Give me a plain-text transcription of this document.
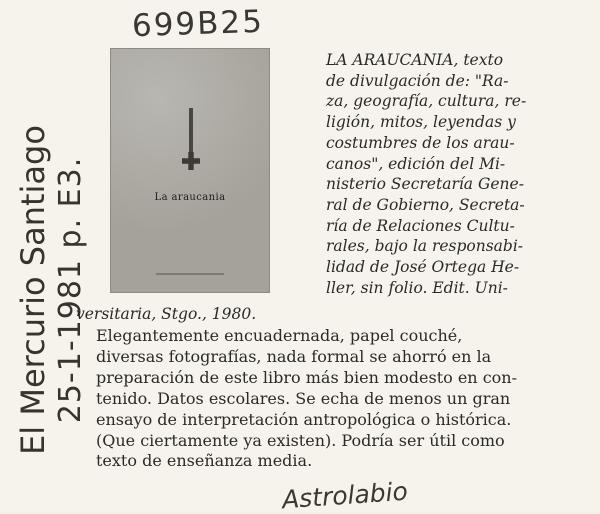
699B25
El Mercurio Santiago 25-1-1981 p. E3.	La araucania
LA ARAUCANIA, texto
de divulgación de: "Ra-
za, geografía, cultura, re-
ligión, mitos, leyendas y
costumbres de los arau-
canos", edición del Mi-
nisterio Secretaría Gene-
ral de Gobierno, Secreta-
ría de Relaciones Cultu-
rales, bajo la responsabi-
lidad de José Ortega He-
ller, sin folio. Edit. Uni-
versitaria, Stgo., 1980.
Elegantemente encuadernada, papel couché,
diversas fotografías, nada formal se ahorró en la
preparación de este libro más bien modesto en con-
tenido. Datos escolares. Se echa de menos un gran
ensayo de interpretación antropológica o histórica.
(Que ciertamente ya existen). Podría ser útil como
texto de enseñanza media.
Astrolabio
